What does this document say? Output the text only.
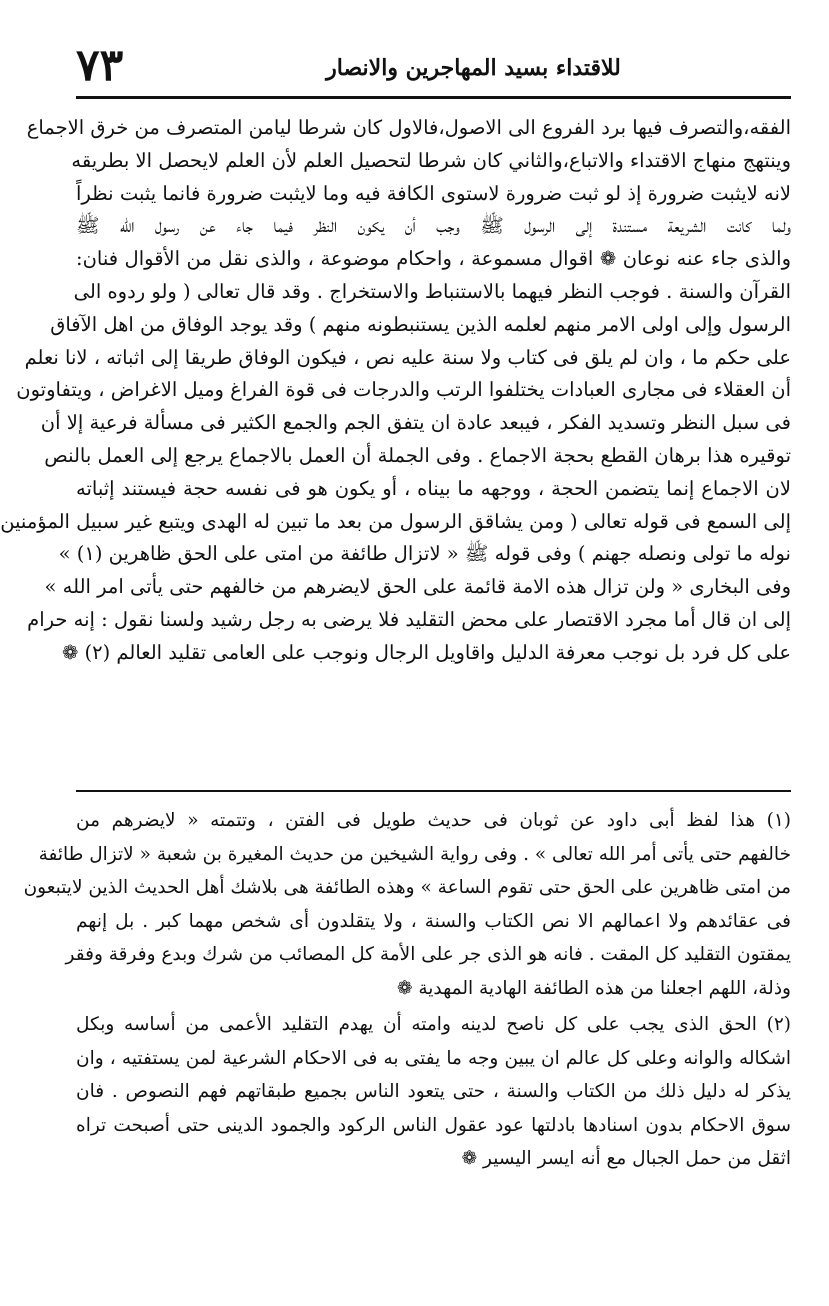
٧٣	للاقتداء بسيد المهاجرين والانصار
الفقه،والتصرف فيها برد الفروع الى الاصول،فالاول كان شرطا ليامن المتصرف من خرق الاجماع
وينتهج منهاج الاقتداء والاتباع،والثاني كان شرطا لتحصيل العلم لأن العلم لايحصل الا بطريقه
لانه لايثبت ضرورة إذ لو ثبت ضرورة لاستوى الكافة فيه وما لايثبت ضرورة فانما يثبت نظراً
ولما كانت الشريعة مستندة إلى الرسول ﷺ وجب أن يكون النظر فيما جاء عن رسول الله ﷺ
والذى جاء عنه نوعان ❁ اقوال مسموعة ، واحكام موضوعة ، والذى نقل من الأقوال فنان:
القرآن والسنة . فوجب النظر فيهما بالاستنباط والاستخراج . وقد قال تعالى ( ولو ردوه الى
الرسول وإلى اولى الامر منهم لعلمه الذين يستنبطونه منهم ) وقد يوجد الوفاق من اهل الآفاق
على حكم ما ، وان لم يلق فى كتاب ولا سنة عليه نص ، فيكون الوفاق طريقا إلى اثباته ، لانا نعلم
أن العقلاء فى مجارى العبادات يختلفوا الرتب والدرجات فى قوة الفراغ وميل الاغراض ، ويتفاوتون
فى سبل النظر وتسديد الفكر ، فيبعد عادة ان يتفق الجم والجمع الكثير فى مسألة فرعية إلا أن
توقيره هذا برهان القطع بحجة الاجماع . وفى الجملة أن العمل بالاجماع يرجع إلى العمل بالنص
لان الاجماع إنما يتضمن الحجة ، ووجهه ما بيناه ، أو يكون هو فى نفسه حجة فيستند إثباته
إلى السمع فى قوله تعالى ( ومن يشاقق الرسول من بعد ما تبين له الهدى ويتبع غير سبيل المؤمنين
نوله ما تولى ونصله جهنم ) وفى قوله ﷺ « لاتزال طائفة من امتى على الحق ظاهرين (١) »
وفى البخارى « ولن تزال هذه الامة قائمة على الحق لايضرهم من خالفهم حتى يأتى امر الله »
إلى ان قال أما مجرد الاقتصار على محض التقليد فلا يرضى به رجل رشيد ولسنا نقول : إنه حرام
على كل فرد بل نوجب معرفة الدليل واقاويل الرجال ونوجب على العامى تقليد العالم (٢) ❁
(١) هذا لفظ أبى داود عن ثوبان فى حديث طويل فى الفتن ، وتتمته « لايضرهم من
خالفهم حتى يأتى أمر الله تعالى » . وفى رواية الشيخين من حديث المغيرة بن شعبة « لاتزال طائفة
من امتى ظاهرين على الحق حتى تقوم الساعة » وهذه الطائفة هى بلاشك أهل الحديث الذين لايتبعون
فى عقائدهم ولا اعمالهم الا نص الكتاب والسنة ، ولا يتقلدون أى شخص مهما كبر . بل إنهم
يمقتون التقليد كل المقت . فانه هو الذى جر على الأمة كل المصائب من شرك وبدع وفرقة وفقر
وذلة، اللهم اجعلنا من هذه الطائفة الهادية المهدية ❁
(٢) الحق الذى يجب على كل ناصح لدينه وامته أن يهدم التقليد الأعمى من أساسه وبكل
اشكاله والوانه وعلى كل عالم ان يبين وجه ما يفتى به فى الاحكام الشرعية لمن يستفتيه ، وان
يذكر له دليل ذلك من الكتاب والسنة ، حتى يتعود الناس بجميع طبقاتهم فهم النصوص . فان
سوق الاحكام بدون اسنادها بادلتها عود عقول الناس الركود والجمود الدينى حتى أصبحت تراه
اثقل من حمل الجبال مع أنه ايسر اليسير ❁
